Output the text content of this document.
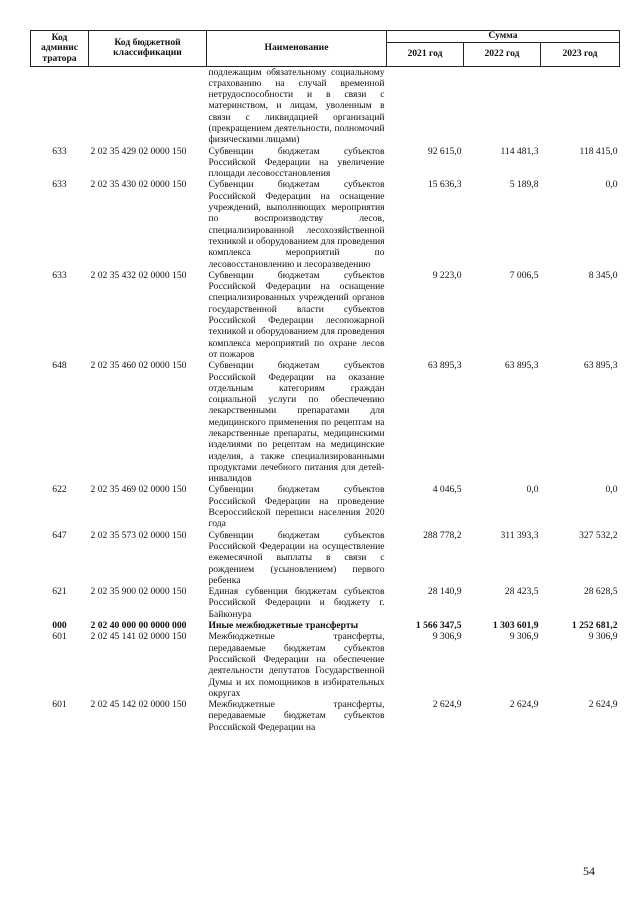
Код админис тратора	Код бюджетной классификации	Наименование	Сумма		
			2021 год	2022 год	2023 год
		подлежащим обязательному социальному страхованию на случай временной нетрудоспособности и в связи с материнством, и лицам, уволенным в связи с ликвидацией организаций (прекращением деятельности, полномочий физическими лицами)			
633	2 02 35 429 02 0000 150	Субвенции бюджетам субъектов Российской Федерации на увеличение площади лесовосстановления	92 615,0	114 481,3	118 415,0
633	2 02 35 430 02 0000 150	Субвенции бюджетам субъектов Российской Федерации на оснащение учреждений, выполняющих мероприятия по воспроизводству лесов, специализированной лесохозяйственной техникой и оборудованием для проведения комплекса мероприятий по лесовосстановлению и лесоразведению	15 636,3	5 189,8	0,0
633	2 02 35 432 02 0000 150	Субвенции бюджетам субъектов Российской Федерации на оснащение специализированных учреждений органов государственной власти субъектов Российской Федерации лесопожарной техникой и оборудованием для проведения комплекса мероприятий по охране лесов от пожаров	9 223,0	7 006,5	8 345,0
648	2 02 35 460 02 0000 150	Субвенции бюджетам субъектов Российской Федерации на оказание отдельным категориям граждан социальной услуги по обеспечению лекарственными препаратами для медицинского применения по рецептам на лекарственные препараты, медицинскими изделиями по рецептам на медицинские изделия, а также специализированными продуктами лечебного питания для детей-инвалидов	63 895,3	63 895,3	63 895,3
622	2 02 35 469 02 0000 150	Субвенции бюджетам субъектов Российской Федерации на проведение Всероссийской переписи населения 2020 года	4 046,5	0,0	0,0
647	2 02 35 573 02 0000 150	Субвенции бюджетам субъектов Российской Федерации на осуществление ежемесячной выплаты в связи с рождением (усыновлением) первого ребенка	288 778,2	311 393,3	327 532,2
621	2 02 35 900 02 0000 150	Единая субвенция бюджетам субъектов Российской Федерации и бюджету г. Байконура	28 140,9	28 423,5	28 628,5
000	2 02 40 000 00 0000 000	Иные межбюджетные трансферты	1 566 347,5	1 303 601,9	1 252 681,2
601	2 02 45 141 02 0000 150	Межбюджетные трансферты, передаваемые бюджетам субъектов Российской Федерации на обеспечение деятельности депутатов Государственной Думы и их помощников в избирательных округах	9 306,9	9 306,9	9 306,9
601	2 02 45 142 02 0000 150	Межбюджетные трансферты, передаваемые бюджетам субъектов Российской Федерации на	2 624,9	2 624,9	2 624,9
54
